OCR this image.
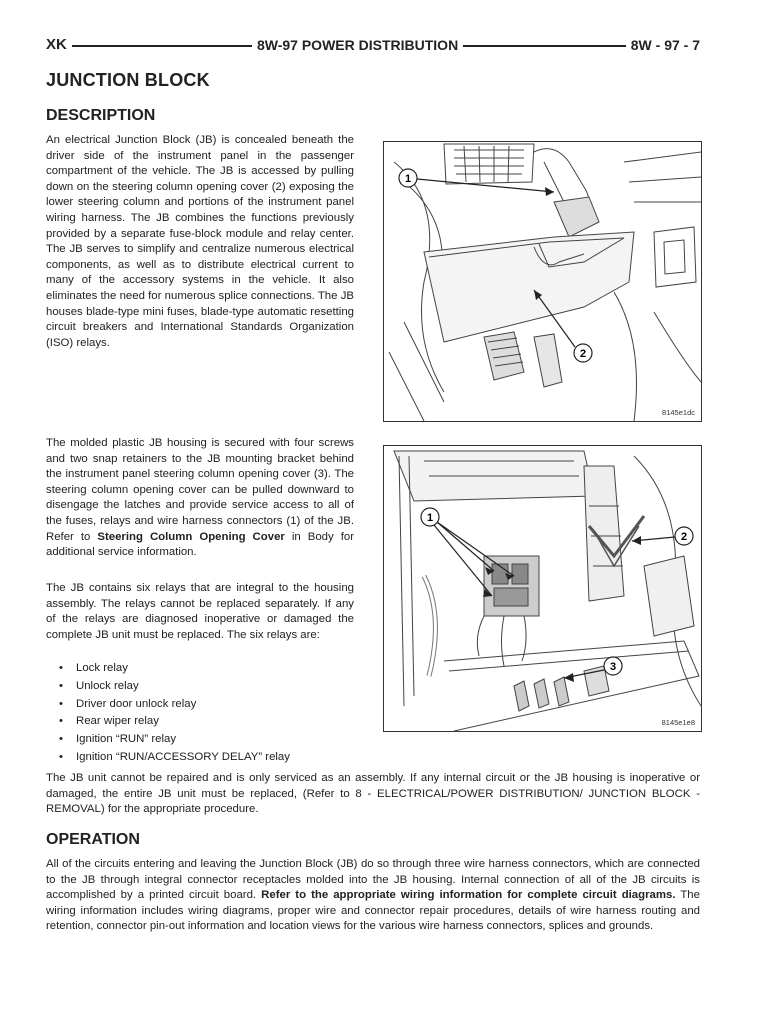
XK	8W-97 POWER DISTRIBUTION	8W - 97 - 7
JUNCTION BLOCK
DESCRIPTION

An electrical Junction Block (JB) is concealed beneath the driver side of the instrument panel in the passenger compartment of the vehicle. The JB is accessed by pulling down on the steering column opening cover (2) exposing the lower steering column and portions of the instrument panel wiring harness. The JB combines the functions previously provided by a separate fuse-block module and relay center. The JB serves to simplify and centralize numerous electrical components, as well as to distribute electrical current to many of the accessory systems in the vehicle. It also eliminates the need for numerous splice connections. The JB houses blade-type mini fuses, blade-type automatic resetting circuit breakers and International Standards Organization (ISO) relays.

The molded plastic JB housing is secured with four screws and two snap retainers to the JB mounting bracket behind the instrument panel steering column opening cover (3). The steering column opening cover can be pulled downward to disengage the latches and provide service access to all of the fuses, relays and wire harness connectors (1) of the JB. Refer to Steering Column Opening Cover in Body for additional service information.

The JB contains six relays that are integral to the housing assembly. The relays cannot be replaced separately. If any of the relays are diagnosed inoperative or damaged the complete JB unit must be replaced. The six relays are:

• Lock relay
• Unlock relay
• Driver door unlock relay
• Rear wiper relay
• Ignition “RUN” relay
• Ignition “RUN/ACCESSORY DELAY” relay

The JB unit cannot be repaired and is only serviced as an assembly. If any internal circuit or the JB housing is inoperative or damaged, the entire JB unit must be replaced, (Refer to 8 - ELECTRICAL/POWER DISTRIBUTION/ JUNCTION BLOCK - REMOVAL) for the appropriate procedure.

OPERATION

All of the circuits entering and leaving the Junction Block (JB) do so through three wire harness connectors, which are connected to the JB through integral connector receptacles molded into the JB housing. Internal connection of all of the JB circuits is accomplished by a printed circuit board. Refer to the appropriate wiring information for complete circuit diagrams. The wiring information includes wiring diagrams, proper wire and connector repair procedures, details of wire harness routing and retention, connector pin-out information and location views for the various wire harness connectors, splices and grounds.

1
2
8145e1dc
1
2
3
8145e1e8
